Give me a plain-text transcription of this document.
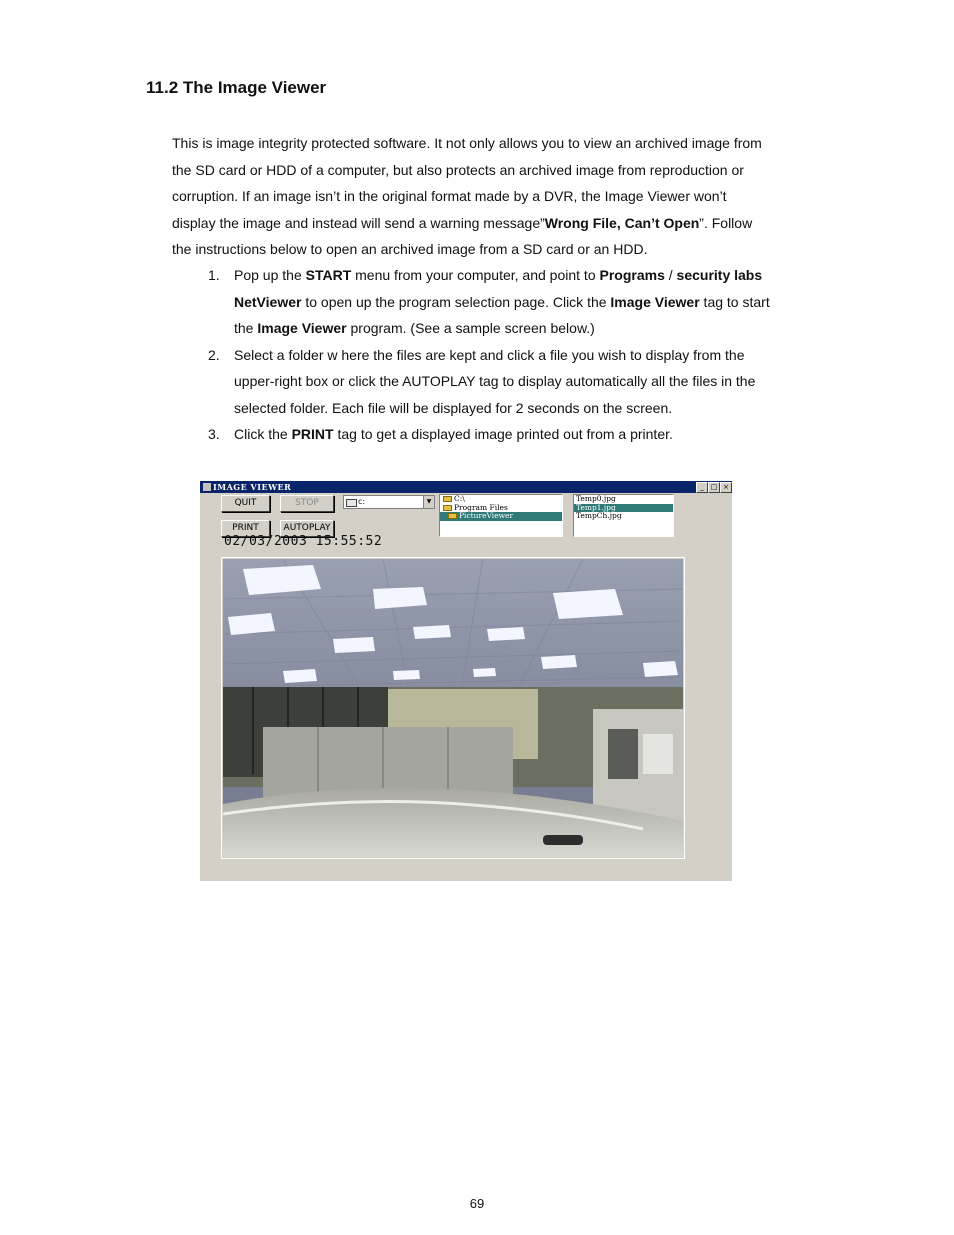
11.2 The Image Viewer

This is image integrity protected software. It not only allows you to view an archived image from the SD card or HDD of a computer, but also protects an archived image from reproduction or corruption. If an image isn’t in the original format made by a DVR, the Image Viewer won’t display the image and instead will send a warning message”Wrong File, Can’t Open”. Follow the instructions below to open an archived image from a SD card or an HDD.

1. Pop up the START menu from your computer, and point to Programs / security labs NetViewer to open up the program selection page. Click the Image Viewer tag to start the Image Viewer program. (See a sample screen below.)
2. Select a folder w here the files are kept and click a file you wish to display from the upper-right box or click the AUTOPLAY tag to display automatically all the files in the selected folder. Each file will be displayed for 2 seconds on the screen.
3. Click the PRINT tag to get a displayed image printed out from a printer.
IMAGE VIEWER	_ □ ×
QUIT	STOP
PRINT	AUTOPLAY
c:	▼	C:\
Program Files
PictureViewer
Temp0.jpg
Temp1.jpg
TempCh.jpg
02/03/2003 15:55:52
69
